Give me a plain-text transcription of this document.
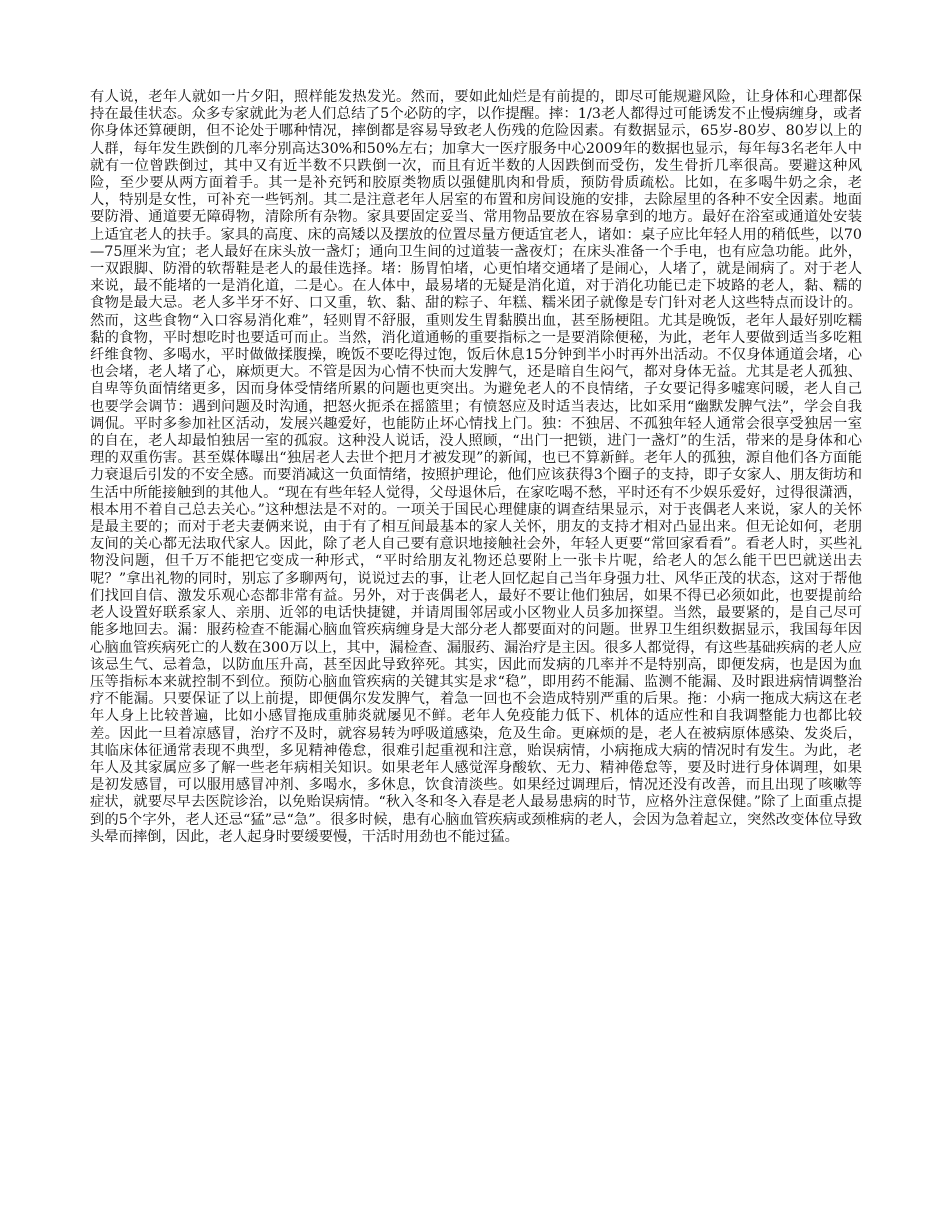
有人说，老年人就如一片夕阳，照样能发热发光。然而，要如此灿烂是有前提的，即尽可能规避风险，让身体和心理都保持在最佳状态。众多专家就此为老人们总结了5个必防的字，以作提醒。摔：1/3老人都得过可能诱发不止慢病缠身，或者你身体还算硬朗，但不论处于哪种情况，摔倒都是容易导致老人伤残的危险因素。有数据显示，65岁-80岁、80岁以上的人群，每年发生跌倒的几率分别高达30%和50%左右；加拿大一医疗服务中心2009年的数据也显示，每年每3名老年人中就有一位曾跌倒过，其中又有近半数不只跌倒一次，而且有近半数的人因跌倒而受伤，发生骨折几率很高。要避这种风险，至少要从两方面着手。其一是补充钙和胶原类物质以强健肌肉和骨质，预防骨质疏松。比如，在多喝牛奶之余，老人，特别是女性，可补充一些钙剂。其二是注意老年人居室的布置和房间设施的安排，去除屋里的各种不安全因素。地面要防滑、通道要无障碍物，清除所有杂物。家具要固定妥当、常用物品要放在容易拿到的地方。最好在浴室或通道处安装上适宜老人的扶手。家具的高度、床的高矮以及摆放的位置尽量方便适宜老人，诸如：桌子应比年轻人用的稍低些，以70—75厘米为宜；老人最好在床头放一盏灯；通向卫生间的过道装一盏夜灯；在床头准备一个手电，也有应急功能。此外，一双跟脚、防滑的软帮鞋是老人的最佳选择。堵：肠胃怕堵，心更怕堵交通堵了是闹心，人堵了，就是闹病了。对于老人来说，最不能堵的一是消化道，二是心。在人体中，最易堵的无疑是消化道，对于消化功能已走下坡路的老人，黏、糯的食物是最大忌。老人多半牙不好、口又重，软、黏、甜的粽子、年糕、糯米团子就像是专门针对老人这些特点而设计的。然而，这些食物“入口容易消化难”，轻则胃不舒服，重则发生胃黏膜出血，甚至肠梗阻。尤其是晚饭，老年人最好别吃糯黏的食物，平时想吃时也要适可而止。当然，消化道通畅的重要指标之一是要消除便秘，为此，老年人要做到适当多吃粗纤维食物、多喝水，平时做做揉腹操，晚饭不要吃得过饱，饭后休息15分钟到半小时再外出活动。不仅身体通道会堵，心也会堵，老人堵了心，麻烦更大。不管是因为心情不快而大发脾气，还是暗自生闷气，都对身体无益。尤其是老人孤独、自卑等负面情绪更多，因而身体受情绪所累的问题也更突出。为避免老人的不良情绪，子女要记得多嘘寒问暖，老人自己也要学会调节：遇到问题及时沟通，把怒火扼杀在摇篮里；有愤怒应及时适当表达，比如采用“幽默发脾气法”，学会自我调侃。平时多参加社区活动，发展兴趣爱好，也能防止坏心情找上门。独：不独居、不孤独年轻人通常会很享受独居一室的自在，老人却最怕独居一室的孤寂。这种没人说话，没人照顾，“出门一把锁，进门一盏灯”的生活，带来的是身体和心理的双重伤害。甚至媒体曝出“独居老人去世个把月才被发现”的新闻，也已不算新鲜。老年人的孤独，源自他们各方面能力衰退后引发的不安全感。而要消减这一负面情绪，按照护理论，他们应该获得3个圈子的支持，即子女家人、朋友街坊和生活中所能接触到的其他人。“现在有些年轻人觉得，父母退休后，在家吃喝不愁，平时还有不少娱乐爱好，过得很潇洒，根本用不着自己总去关心。”这种想法是不对的。一项关于国民心理健康的调查结果显示，对于丧偶老人来说，家人的关怀是最主要的；而对于老夫妻俩来说，由于有了相互间最基本的家人关怀，朋友的支持才相对凸显出来。但无论如何，老朋友间的关心都无法取代家人。因此，除了老人自己要有意识地接触社会外，年轻人更要“常回家看看”。看老人时，买些礼物没问题，但千万不能把它变成一种形式，“平时给朋友礼物还总要附上一张卡片呢，给老人的怎么能干巴巴就送出去呢？”拿出礼物的同时，别忘了多聊两句，说说过去的事，让老人回忆起自己当年身强力壮、风华正茂的状态，这对于帮他们找回自信、激发乐观心态都非常有益。另外，对于丧偶老人，最好不要让他们独居，如果不得已必须如此，也要提前给老人设置好联系家人、亲朋、近邻的电话快捷键，并请周围邻居或小区物业人员多加探望。当然，最要紧的，是自己尽可能多地回去。漏：服药检查不能漏心脑血管疾病缠身是大部分老人都要面对的问题。世界卫生组织数据显示，我国每年因心脑血管疾病死亡的人数在300万以上，其中，漏检查、漏服药、漏治疗是主因。很多人都觉得，有这些基础疾病的老人应该忌生气、忌着急，以防血压升高，甚至因此导致猝死。其实，因此而发病的几率并不是特别高，即便发病，也是因为血压等指标本来就控制不到位。预防心脑血管疾病的关键其实是求“稳”，即用药不能漏、监测不能漏、及时跟进病情调整治疗不能漏。只要保证了以上前提，即便偶尔发发脾气，着急一回也不会造成特别严重的后果。拖：小病一拖成大病这在老年人身上比较普遍，比如小感冒拖成重肺炎就屡见不鲜。老年人免疫能力低下、机体的适应性和自我调整能力也都比较差。因此一旦着凉感冒，治疗不及时，就容易转为呼吸道感染，危及生命。更麻烦的是，老人在被病原体感染、发炎后，其临床体征通常表现不典型，多见精神倦怠，很难引起重视和注意，贻误病情，小病拖成大病的情况时有发生。为此，老年人及其家属应多了解一些老年病相关知识。如果老年人感觉浑身酸软、无力、精神倦怠等，要及时进行身体调理，如果是初发感冒，可以服用感冒冲剂、多喝水，多休息，饮食清淡些。如果经过调理后，情况还没有改善，而且出现了咳嗽等症状，就要尽早去医院诊治，以免贻误病情。“秋入冬和冬入春是老人最易患病的时节，应格外注意保健。”除了上面重点提到的5个字外，老人还忌“猛”忌“急”。很多时候，患有心脑血管疾病或颈椎病的老人，会因为急着起立，突然改变体位导致头晕而摔倒，因此，老人起身时要缓要慢，干活时用劲也不能过猛。
